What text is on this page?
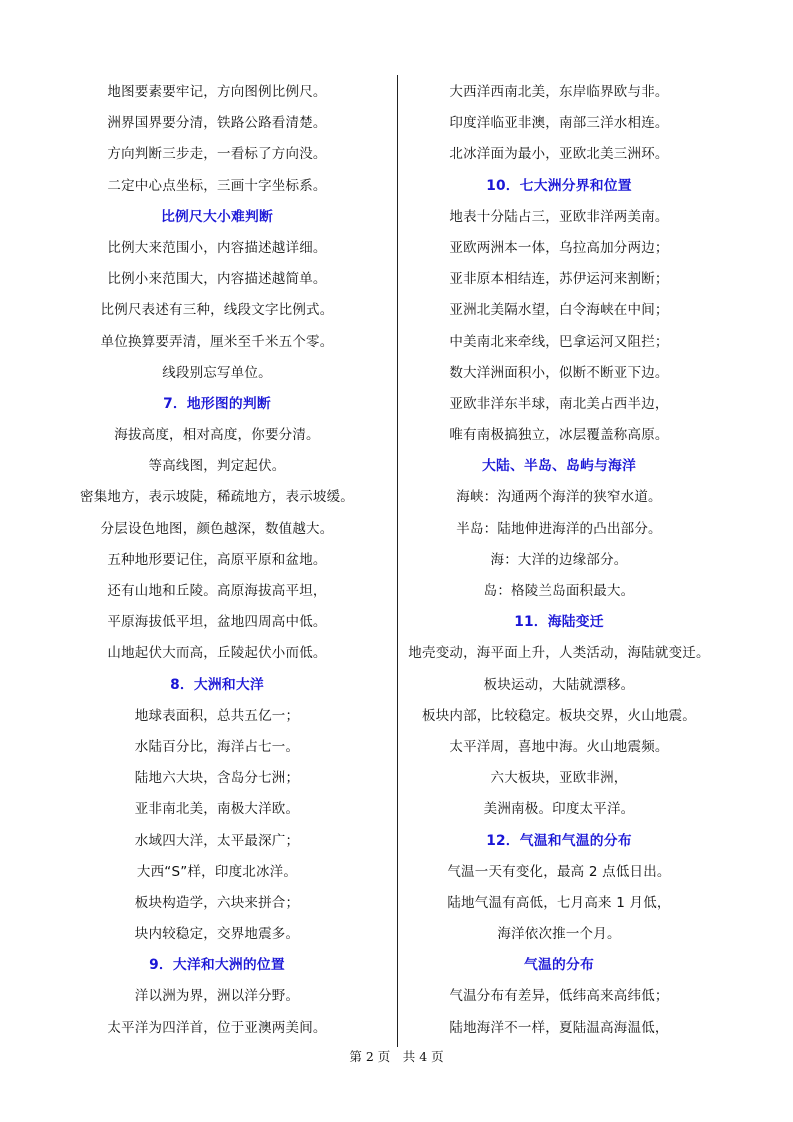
地图要素要牢记，方向图例比例尺。
洲界国界要分清，铁路公路看清楚。
方向判断三步走，一看标了方向没。
二定中心点坐标，三画十字坐标系。
比例尺大小难判断
比例大来范围小，内容描述越详细。
比例小来范围大，内容描述越简单。
比例尺表述有三种，线段文字比例式。
单位换算要弄清，厘米至千米五个零。
线段别忘写单位。
7．地形图的判断
海拔高度，相对高度，你要分清。
等高线图，判定起伏。
密集地方，表示坡陡，稀疏地方，表示坡缓。
分层设色地图，颜色越深，数值越大。
五种地形要记住，高原平原和盆地。
还有山地和丘陵。高原海拔高平坦，
平原海拔低平坦，盆地四周高中低。
山地起伏大而高，丘陵起伏小而低。
8．大洲和大洋
地球表面积，总共五亿一；
水陆百分比，海洋占七一。
陆地六大块，含岛分七洲；
亚非南北美，南极大洋欧。
水域四大洋，太平最深广；
大西“S”样，印度北冰洋。
板块构造学，六块来拼合；
块内较稳定，交界地震多。
9．大洋和大洲的位置
洋以洲为界，洲以洋分野。
太平洋为四洋首，位于亚澳两美间。
大西洋西南北美，东岸临界欧与非。
印度洋临亚非澳，南部三洋水相连。
北冰洋面为最小，亚欧北美三洲环。
10．七大洲分界和位置
地表十分陆占三，亚欧非洋两美南。
亚欧两洲本一体，乌拉高加分两边；
亚非原本相结连，苏伊运河来割断；
亚洲北美隔水望，白令海峡在中间；
中美南北来牵线，巴拿运河又阻拦；
数大洋洲面积小，似断不断亚下边。
亚欧非洋东半球，南北美占西半边，
唯有南极搞独立，冰层覆盖称高原。
大陆、半岛、岛屿与海洋
海峡：沟通两个海洋的狭窄水道。
半岛：陆地伸进海洋的凸出部分。
海：大洋的边缘部分。
岛：格陵兰岛面积最大。
11．海陆变迁
地壳变动，海平面上升，人类活动，海陆就变迁。
板块运动，大陆就漂移。
板块内部，比较稳定。板块交界，火山地震。
太平洋周，喜地中海。火山地震频。
六大板块，亚欧非洲，
美洲南极。印度太平洋。
12．气温和气温的分布
气温一天有变化，最高 2 点低日出。
陆地气温有高低，七月高来 1 月低，
海洋依次推一个月。
气温的分布
气温分布有差异，低纬高来高纬低；
陆地海洋不一样，夏陆温高海温低，
第 2 页　共 4 页
